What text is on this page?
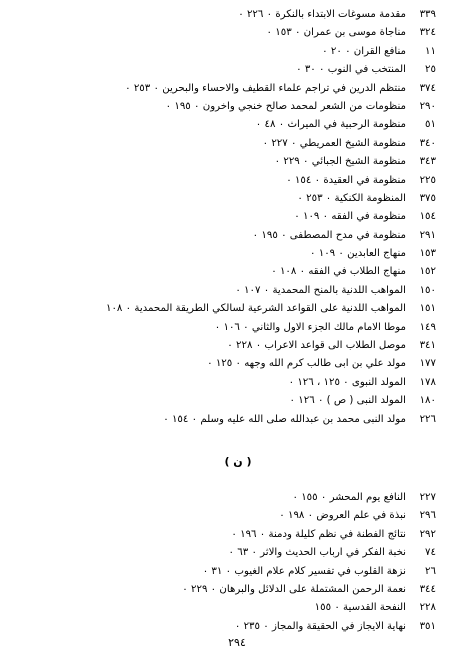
٣٣٩
مقدمة مسوغات الابتداء بالنكرة ٠ ٢٢٦ ٠
٣٢٤
مناجاة موسى بن عمران ٠ ١٥٣ ٠
١١
منافع القران ٠ ٢٠ ٠
٢٥
المنتخب في النوب ٠ ٣٠ ٠
٣٧٤
منتظم الدرين في تراجم علماء القطيف والاحساء والبحرين ٠ ٢٥٣ ٠
٢٩٠
منظومات من الشعر لمحمد صالح خنجي واخرون ٠ ١٩٥ ٠
٥١
منظومة الرحبية في الميراث ٠ ٤٨ ٠
٣٤٠
منظومة الشيخ العمريطي ٠ ٢٢٧ ٠
٣٤٣
منظومة الشيخ الجبائي ٠ ٢٢٩ ٠
٢٢٥
منظومة في العقيدة ٠ ١٥٤ ٠
٣٧٥
المنظومة الكنكية ٠ ٢٥٣ ٠
١٥٤
منظومة في الفقه ٠ ١٠٩ ٠
٢٩١
منظومة في مدح المصطفى ٠ ١٩٥ ٠
١٥٣
منهاج العابدين ٠ ١٠٩ ٠
١٥٢
منهاج الطلاب في الفقه ٠ ١٠٨ ٠
١٥٠
المواهب اللدنية بالمنح المحمدية ٠ ١٠٧ ٠
١٥١
المواهب اللدنية على القواعد الشرعية لسالكي الطريقة المحمدية ٠ ١٠٨
١٤٩
موطا الامام مالك الجزء الاول والثاني ٠ ١٠٦ ٠
٣٤١
موصل الطلاب الى قواعد الاعراب ٠ ٢٢٨ ٠
١٧٧
مولد علي بن ابى طالب كرم الله وجهه ٠ ١٢٥ ٠
١٧٨
المولد النبوى ٠ ١٢٥ ، ١٢٦ ٠
١٨٠
المولد النبى ( ص ) ٠ ١٢٦ ٠
٢٢٦
مولد النبى محمد بن عبدالله صلى الله عليه وسلم ٠ ١٥٤ ٠
( ن )
٢٢٧
النافع يوم المحشر ٠ ١٥٥ ٠
٢٩٦
نبذة في علم العروض ٠ ١٩٨ ٠
٢٩٢
نتائج الفطنة في نظم كليلة ودمنة ٠ ١٩٦ ٠
٧٤
نخبة الفكر في ارباب الحديث والاثر ٠ ٦٣ ٠
٢٦
نزهة القلوب في تفسير كلام علام الغيوب ٠ ٣١ ٠
٣٤٤
نعمة الرحمن المشتملة على الدلائل والبرهان ٠ ٢٢٩ ٠
٢٢٨
النفحة القدسية ٠ ١٥٥
٣٥١
نهاية الايجاز في الحقيقة والمجاز ٠ ٢٣٥ ٠
٢٩٤
